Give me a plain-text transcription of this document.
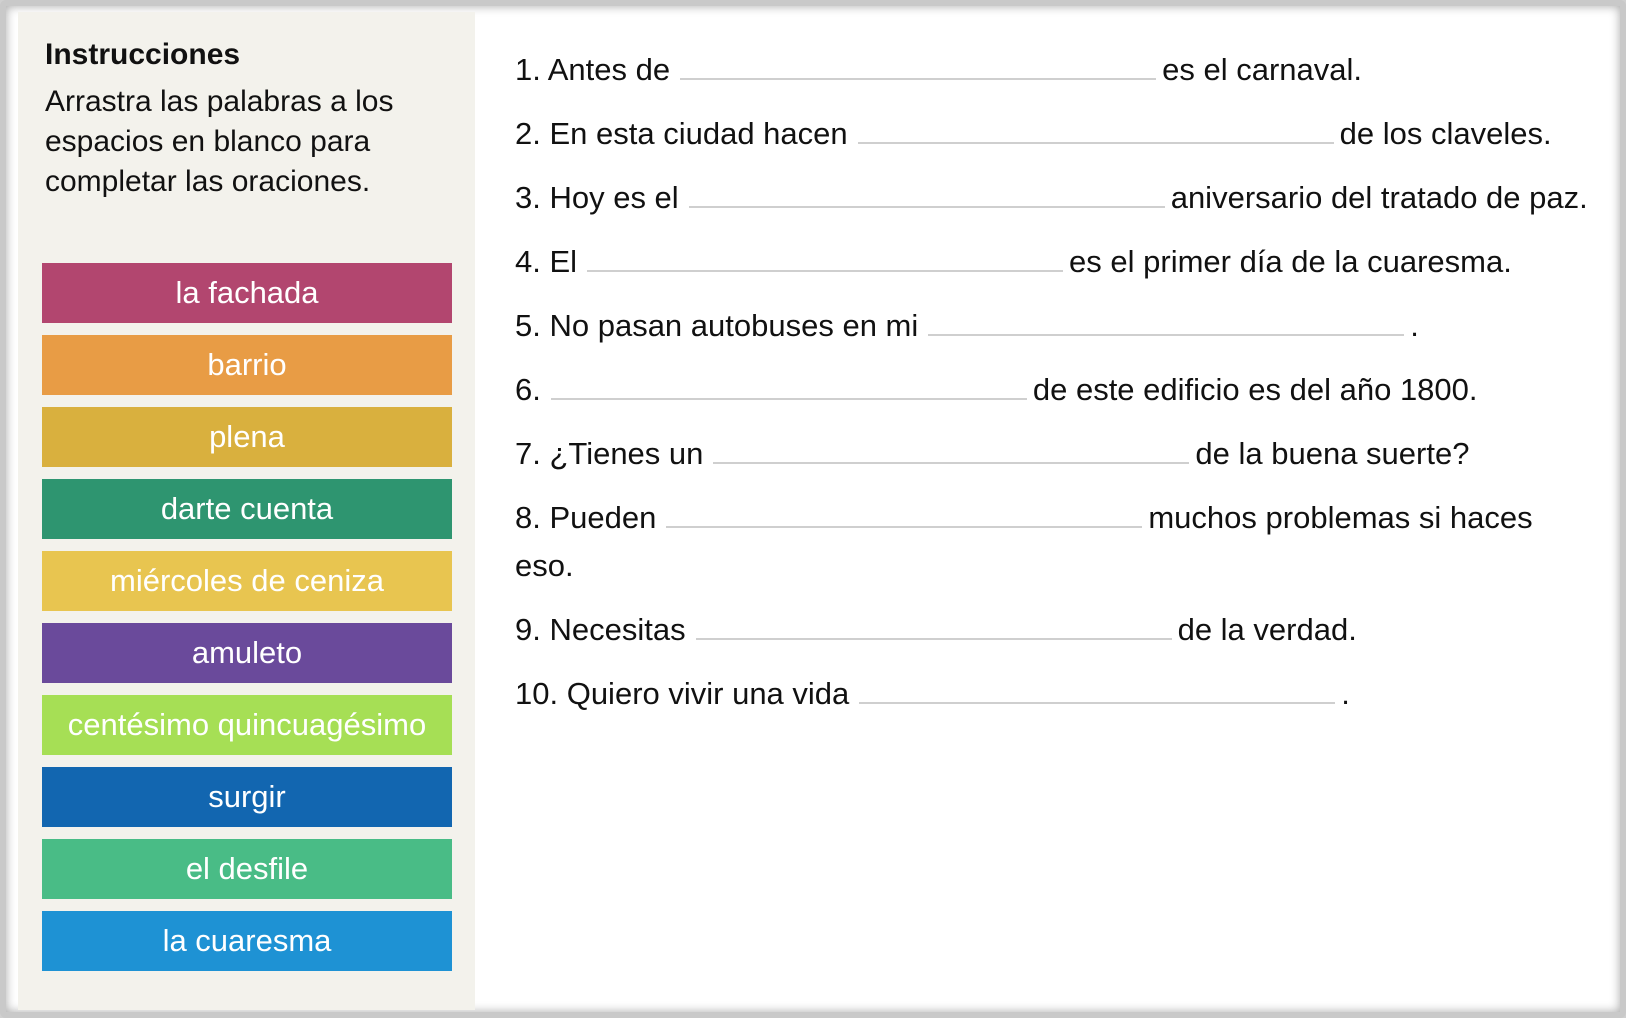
Instrucciones

Arrastra las palabras a los espacios en blanco para completar las oraciones.

la fachada
barrio
plena
darte cuenta
miércoles de ceniza
amuleto
centésimo quincuagésimo
surgir
el desfile
la cuaresma
1. Antes de	es el carnaval.
2. En esta ciudad hacen	de los claveles.
3. Hoy es el	aniversario del tratado de paz.
4. El	es el primer día de la cuaresma.
5. No pasan autobuses en mi	.
6.	de este edificio es del año 1800.
7. ¿Tienes un	de la buena suerte?
8. Pueden	muchos problemas si haces eso.
9. Necesitas	de la verdad.
10. Quiero vivir una vida	.
